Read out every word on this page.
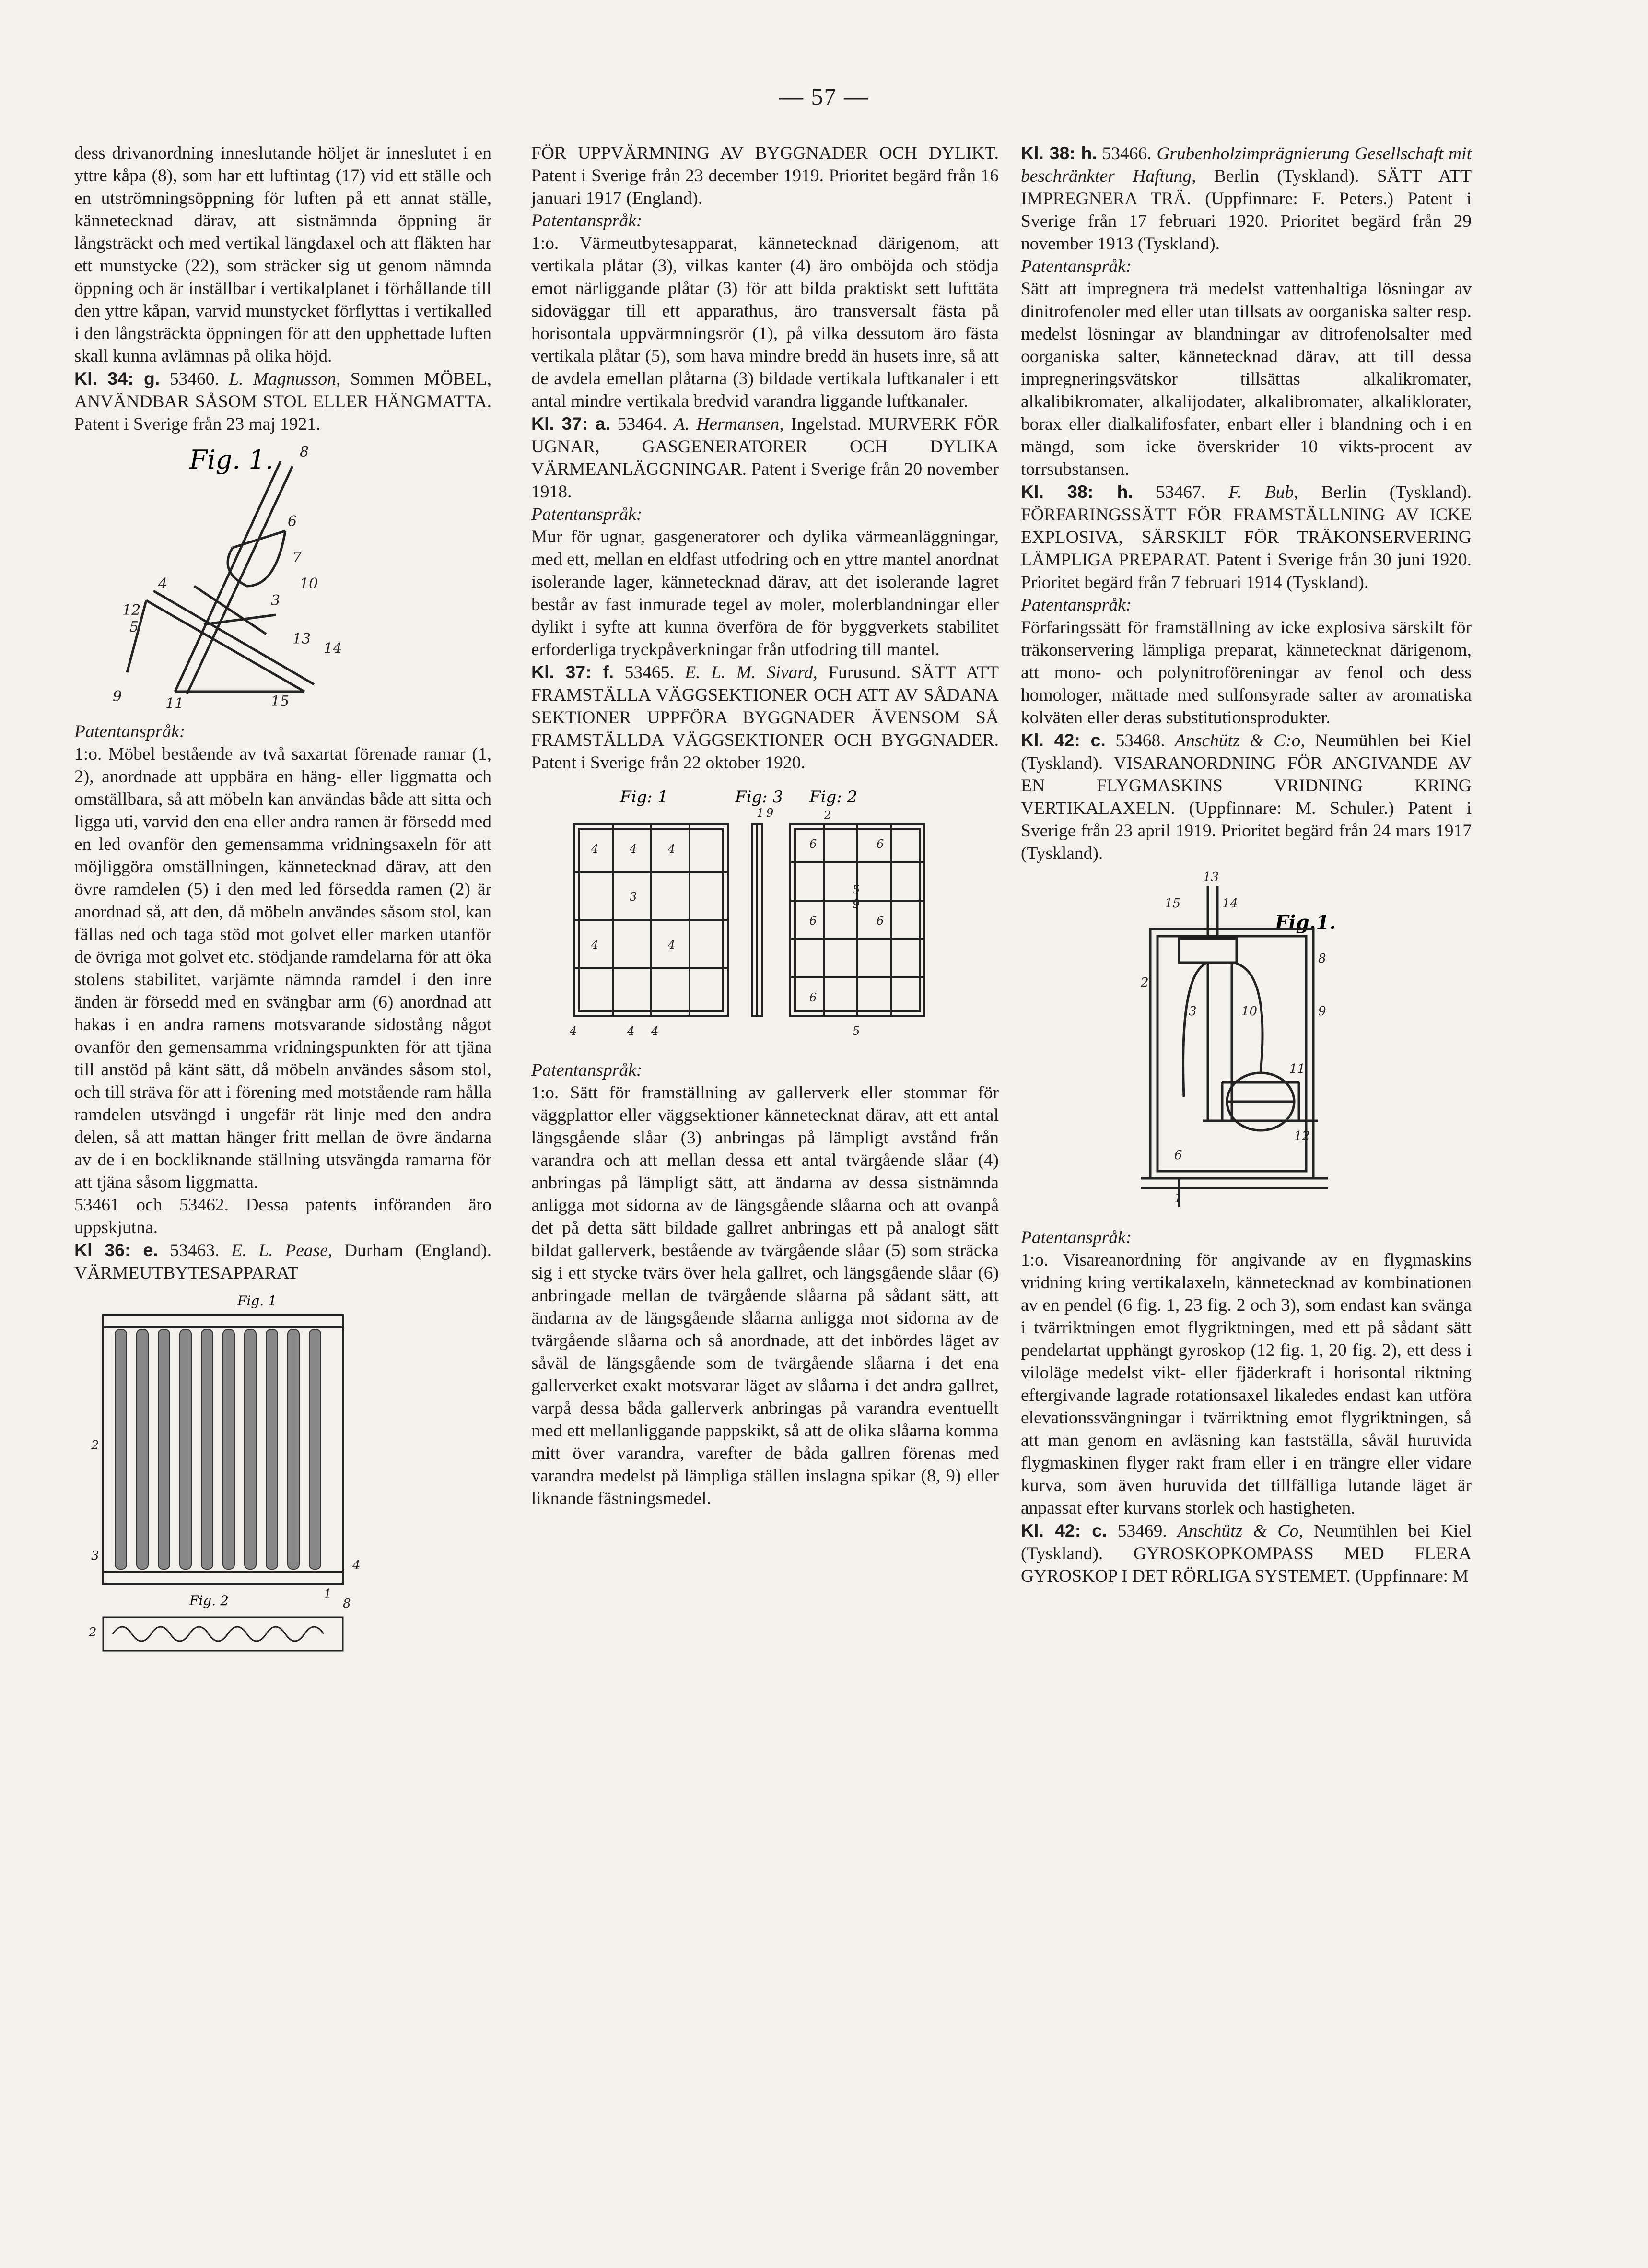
— 57 —

dess drivanordning inneslutande höljet är inneslutet i en yttre kåpa (8), som har ett luftintag (17) vid ett ställe och en utströmningsöppning för luften på ett annat ställe, kännetecknad därav, att sistnämnda öppning är långsträckt och med vertikal längdaxel och att fläkten har ett munstycke (22), som sträcker sig ut genom nämnda öppning och är inställbar i vertikalplanet i förhållande till den yttre kåpan, varvid munstycket förflyttas i vertikalled i den långsträckta öppningen för att den upphettade luften skall kunna avlämnas på olika höjd.

Kl. 34: g. 53460. L. Magnusson, Sommen MÖBEL, ANVÄNDBAR SÅSOM STOL ELLER HÄNGMATTA. Patent i Sverige från 23 maj 1921.

Fig. 1. 8
6
7
4
12
10
3
5
13
14
9	11	15

Patentanspråk:

1:o. Möbel bestående av två saxartat förenade ramar (1, 2), anordnade att uppbära en häng- eller liggmatta och omställbara, så att möbeln kan användas både att sitta och ligga uti, varvid den ena eller andra ramen är försedd med en led ovanför den gemensamma vridningsaxeln för att möjliggöra omställningen, kännetecknad därav, att den övre ramdelen (5) i den med led försedda ramen (2) är anordnad så, att den, då möbeln användes såsom stol, kan fällas ned och taga stöd mot golvet eller marken utanför de övriga mot golvet etc. stödjande ramdelarna för att öka stolens stabilitet, varjämte nämnda ramdel i den inre änden är försedd med en svängbar arm (6) anordnad att hakas i en andra ramens motsvarande sidostång något ovanför den gemensamma vridningspunkten för att tjäna till anstöd på känt sätt, då möbeln användes såsom stol, och till sträva för att i förening med motstående ram hålla ramdelen utsvängd i ungefär rät linje med den andra delen, så att mattan hänger fritt mellan de övre ändarna av de i en bockliknande ställning utsvängda ramarna för att tjäna såsom liggmatta.

53461 och 53462. Dessa patents införanden äro uppskjutna.

Kl 36: e. 53463. E. L. Pease, Durham (England). VÄRMEUTBYTESAPPARAT

Fig. 1
Fig. 2
2
3
4
2
1
8

FÖR UPPVÄRMNING AV BYGGNADER OCH DYLIKT. Patent i Sverige från 23 december 1919. Prioritet begärd från 16 januari 1917 (England).

Patentanspråk:

1:o. Värmeutbytesapparat, kännetecknad därigenom, att vertikala plåtar (3), vilkas kanter (4) äro omböjda och stödja emot närliggande plåtar (3) för att bilda praktiskt sett lufttäta sidoväggar till ett apparathus, äro transversalt fästa på horisontala uppvärmningsrör (1), på vilka dessutom äro fästa vertikala plåtar (5), som hava mindre bredd än husets inre, så att de avdela emellan plåtarna (3) bildade vertikala luftkanaler i ett antal mindre vertikala bredvid varandra liggande luftkanaler.

Kl. 37: a. 53464. A. Hermansen, Ingelstad. MURVERK FÖR UGNAR, GASGENERATORER OCH DYLIKA VÄRMEANLÄGGNINGAR. Patent i Sverige från 20 november 1918.

Patentanspråk:

Mur för ugnar, gasgeneratorer och dylika värmeanläggningar, med ett, mellan en eldfast utfodring och en yttre mantel anordnat isolerande lager, kännetecknad därav, att det isolerande lagret består av fast inmurade tegel av moler, molerblandningar eller dylikt i syfte att kunna överföra de för byggverkets stabilitet erforderliga tryckpåverkningar från utfodring till mantel.

Kl. 37: f. 53465. E. L. M. Sivard, Furusund. SÄTT ATT FRAMSTÄLLA VÄGGSEKTIONER OCH ATT AV SÅDANA SEKTIONER UPPFÖRA BYGGNADER ÄVENSOM SÅ FRAMSTÄLLDA VÄGGSEKTIONER OCH BYGGNADER. Patent i Sverige från 22 oktober 1920.

Fig: 1	Fig: 3 Fig: 2
4	4	4
3
4	4
4	4 4
1 9	2
6	6
5
6	6
9
6
5

Patentanspråk:

1:o. Sätt för framställning av gallerverk eller stommar för väggplattor eller väggsektioner kännetecknat därav, att ett antal längsgående slåar (3) anbringas på lämpligt avstånd från varandra och att mellan dessa ett antal tvärgående slåar (4) anbringas på lämpligt sätt, att ändarna av dessa sistnämnda anligga mot sidorna av de längsgående slåarna och att ovanpå det på detta sätt bildade gallret anbringas ett på analogt sätt bildat gallerverk, bestående av tvärgående slåar (5) som sträcka sig i ett stycke tvärs över hela gallret, och längsgående slåar (6) anbringade mellan de tvärgående slåarna på sådant sätt, att ändarna av de längsgående slåarna anligga mot sidorna av de tvärgående slåarna och så anordnade, att det inbördes läget av såväl de längsgående som de tvärgående slåarna i det ena gallerverket exakt motsvarar läget av slåarna i det andra gallret, varpå dessa båda gallerverk anbringas på varandra eventuellt med ett mellanliggande pappskikt, så att de olika slåarna komma mitt över varandra, varefter de båda gallren förenas med varandra medelst på lämpliga ställen inslagna spikar (8, 9) eller liknande fästningsmedel.

Kl. 38: h. 53466. Grubenholzimprägnierung Gesellschaft mit beschränkter Haftung, Berlin (Tyskland). SÄTT ATT IMPREGNERA TRÄ. (Uppfinnare: F. Peters.) Patent i Sverige från 17 februari 1920. Prioritet begärd från 29 november 1913 (Tyskland).

Patentanspråk:

Sätt att impregnera trä medelst vattenhaltiga lösningar av dinitrofenoler med eller utan tillsats av oorganiska salter resp. medelst lösningar av blandningar av ditrofenolsalter med oorganiska salter, kännetecknad därav, att till dessa impregneringsvätskor tillsättas alkalikromater, alkalibikromater, alkalijodater, alkalibromater, alkaliklorater, borax eller dialkalifosfater, enbart eller i blandning och i en mängd, som icke överskrider 10 vikts-procent av torrsubstansen.

Kl. 38: h. 53467. F. Bub, Berlin (Tyskland). FÖRFARINGSSÄTT FÖR FRAMSTÄLLNING AV ICKE EXPLOSIVA, SÄRSKILT FÖR TRÄKONSERVERING LÄMPLIGA PREPARAT. Patent i Sverige från 30 juni 1920. Prioritet begärd från 7 februari 1914 (Tyskland).

Patentanspråk:

Förfaringssätt för framställning av icke explosiva särskilt för träkonservering lämpliga preparat, kännetecknat därigenom, att mono- och polynitroföreningar av fenol och dess homologer, mättade med sulfonsyrade salter av aromatiska kolväten eller deras substitutionsprodukter.

Kl. 42: c. 53468. Anschütz & C:o, Neumühlen bei Kiel (Tyskland). VISARANORDNING FÖR ANGIVANDE AV EN FLYGMASKINS VRIDNING KRING VERTIKALAXELN. (Uppfinnare: M. Schuler.) Patent i Sverige från 23 april 1919. Prioritet begärd från 24 mars 1917 (Tyskland).

Fig.1.
13
15	14
2
10
3	9
8
11
12
6
1

Patentanspråk:

1:o. Visareanordning för angivande av en flygmaskins vridning kring vertikalaxeln, kännetecknad av kombinationen av en pendel (6 fig. 1, 23 fig. 2 och 3), som endast kan svänga i tvärriktningen emot flygriktningen, med ett på sådant sätt pendelartat upphängt gyroskop (12 fig. 1, 20 fig. 2), ett dess i viloläge medelst vikt- eller fjäderkraft i horisontal riktning eftergivande lagrade rotationsaxel likaledes endast kan utföra elevationssvängningar i tvärriktning emot flygriktningen, så att man genom en avläsning kan fastställa, såväl huruvida flygmaskinen flyger rakt fram eller i en trängre eller vidare kurva, som även huruvida det tillfälliga lutande läget är anpassat efter kurvans storlek och hastigheten.

Kl. 42: c. 53469. Anschütz & Co, Neumühlen bei Kiel (Tyskland). GYROSKOPKOMPASS MED FLERA GYROSKOP I DET RÖRLIGA SYSTEMET. (Uppfinnare: M
